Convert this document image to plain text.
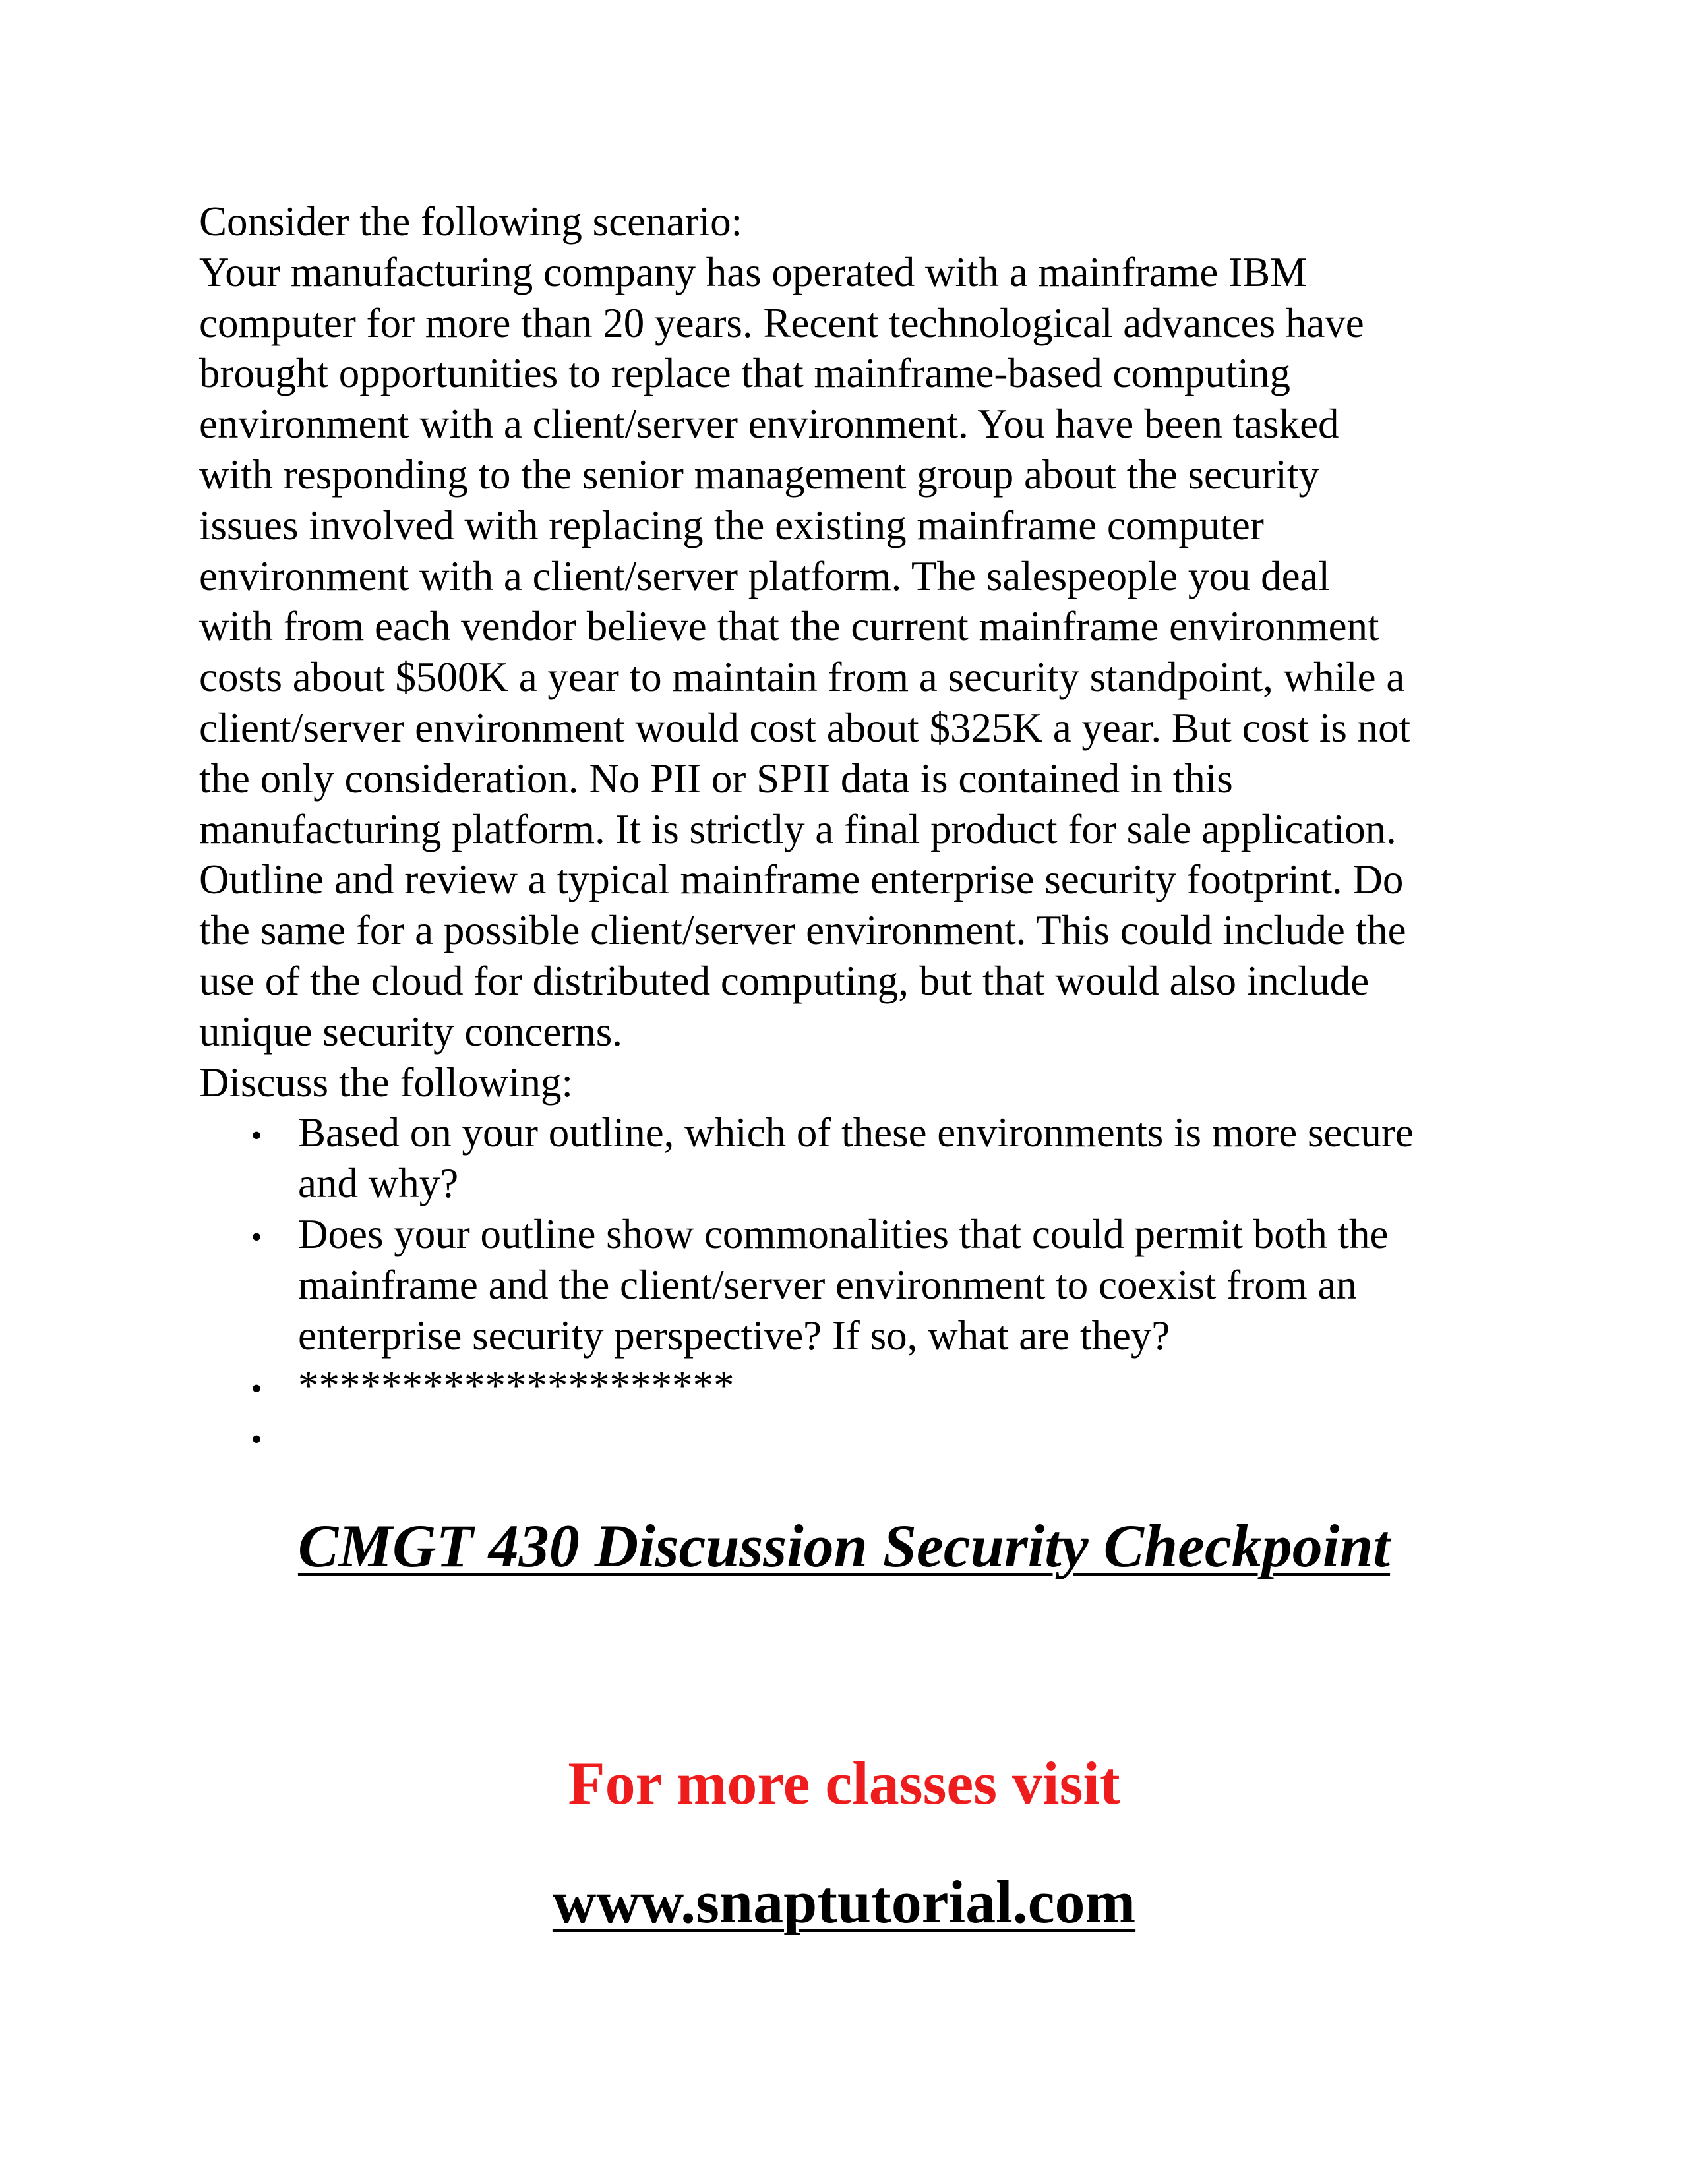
Consider the following scenario:
Your manufacturing company has operated with a mainframe IBM
computer for more than 20 years. Recent technological advances have
brought opportunities to replace that mainframe-based computing
environment with a client/server environment. You have been tasked
with responding to the senior management group about the security
issues involved with replacing the existing mainframe computer
environment with a client/server platform. The salespeople you deal
with from each vendor believe that the current mainframe environment
costs about $500K a year to maintain from a security standpoint, while a
client/server environment would cost about $325K a year. But cost is not
the only consideration. No PII or SPII data is contained in this
manufacturing platform. It is strictly a final product for sale application.
Outline and review a typical mainframe enterprise security footprint. Do
the same for a possible client/server environment. This could include the
use of the cloud for distributed computing, but that would also include
unique security concerns.
Discuss the following:
• Based on your outline, which of these environments is more secure
and why?
• Does your outline show commonalities that could permit both the
mainframe and the client/server environment to coexist from an
enterprise security perspective? If so, what are they?
• *********************
•
CMGT 430 Discussion Security Checkpoint
For more classes visit
www.snaptutorial.com
